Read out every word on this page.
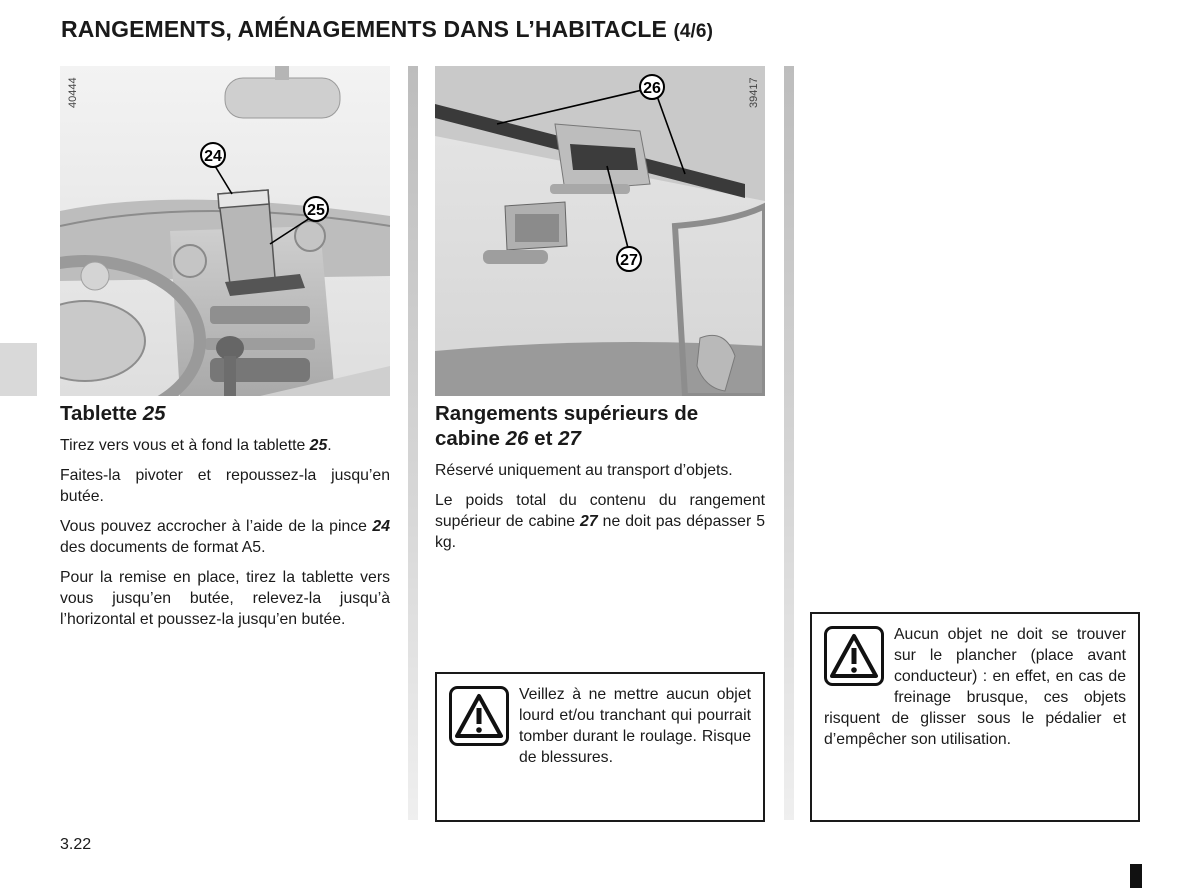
RANGEMENTS, AMÉNAGEMENTS DANS L’HABITACLE (4/6)
24
25
40444	26
27
39417
Tablette 25

Tirez vers vous et à fond la tablette 25.

Faites-la pivoter et repoussez-la jusqu’en butée.

Vous pouvez accrocher à l’aide de la pince 24 des documents de format A5.

Pour la remise en place, tirez la tablette vers vous jusqu’en butée, relevez-la jusqu’à l’horizontal et poussez-la jusqu’en butée.

Rangements supérieurs de
cabine 26 et 27

Réservé uniquement au transport d’objets.

Le poids total du contenu du rangement supérieur de cabine 27 ne doit pas dépasser 5 kg.

Veillez à ne mettre aucun objet lourd et/ou tranchant qui pourrait tomber durant le roulage. Risque de blessures.

Aucun objet ne doit se trouver sur le plancher (place avant conducteur) : en effet, en cas de freinage brusque, ces objets risquent de glisser sous le pédalier et d’empêcher son utilisation.

3.22
